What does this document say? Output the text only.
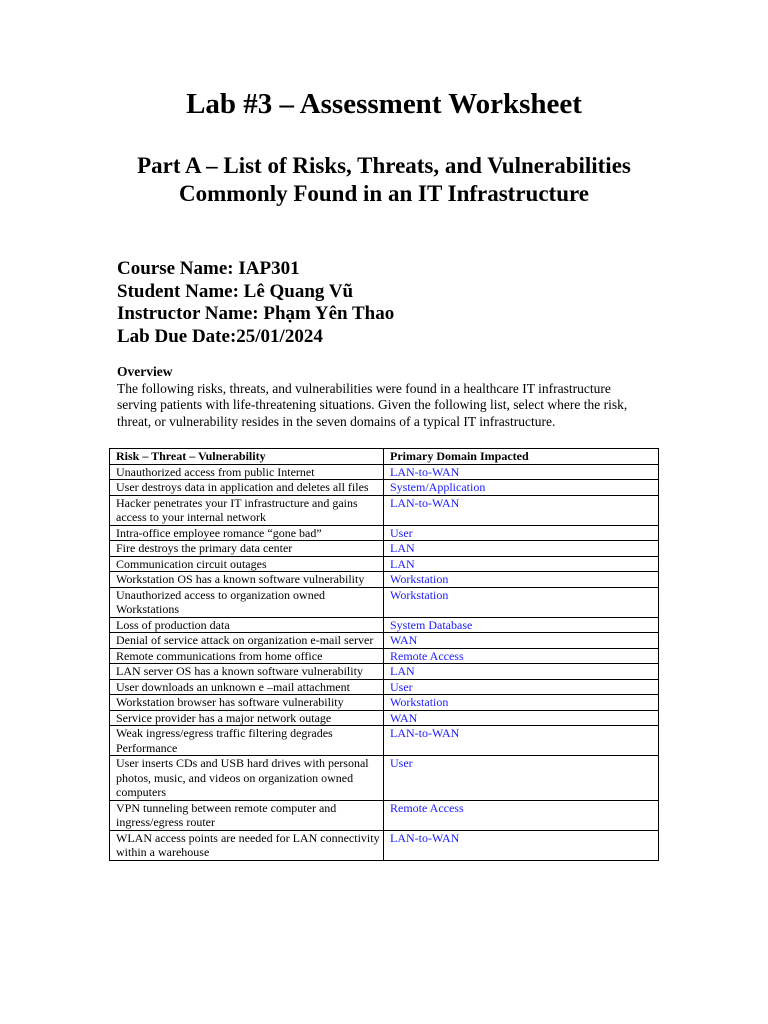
Lab #3 – Assessment Worksheet
Part A – List of Risks, Threats, and Vulnerabilities Commonly Found in an IT Infrastructure
Course Name: IAP301
Student Name: Lê Quang Vũ
Instructor Name: Phạm Yên Thao
Lab Due Date:25/01/2024
Overview
The following risks, threats, and vulnerabilities were found in a healthcare IT infrastructure serving patients with life-threatening situations. Given the following list, select where the risk, threat, or vulnerability resides in the seven domains of a typical IT infrastructure.
Risk – Threat – Vulnerability	Primary Domain Impacted
Unauthorized access from public Internet	LAN-to-WAN
User destroys data in application and deletes all files	System/Application
Hacker penetrates your IT infrastructure and gains access to your internal network	LAN-to-WAN
Intra-office employee romance “gone bad”	User
Fire destroys the primary data center	LAN
Communication circuit outages	LAN
Workstation OS has a known software vulnerability	Workstation
Unauthorized access to organization owned Workstations	Workstation
Loss of production data	System Database
Denial of service attack on organization e-mail server	WAN
Remote communications from home office	Remote Access
LAN server OS has a known software vulnerability	LAN
User downloads an unknown e –mail attachment	User
Workstation browser has software vulnerability	Workstation
Service provider has a major network outage	WAN
Weak ingress/egress traffic filtering degrades Performance	LAN-to-WAN
User inserts CDs and USB hard drives with personal photos, music, and videos on organization owned computers	User
VPN tunneling between remote computer and ingress/egress router	Remote Access
WLAN access points are needed for LAN connectivity within a warehouse	LAN-to-WAN
